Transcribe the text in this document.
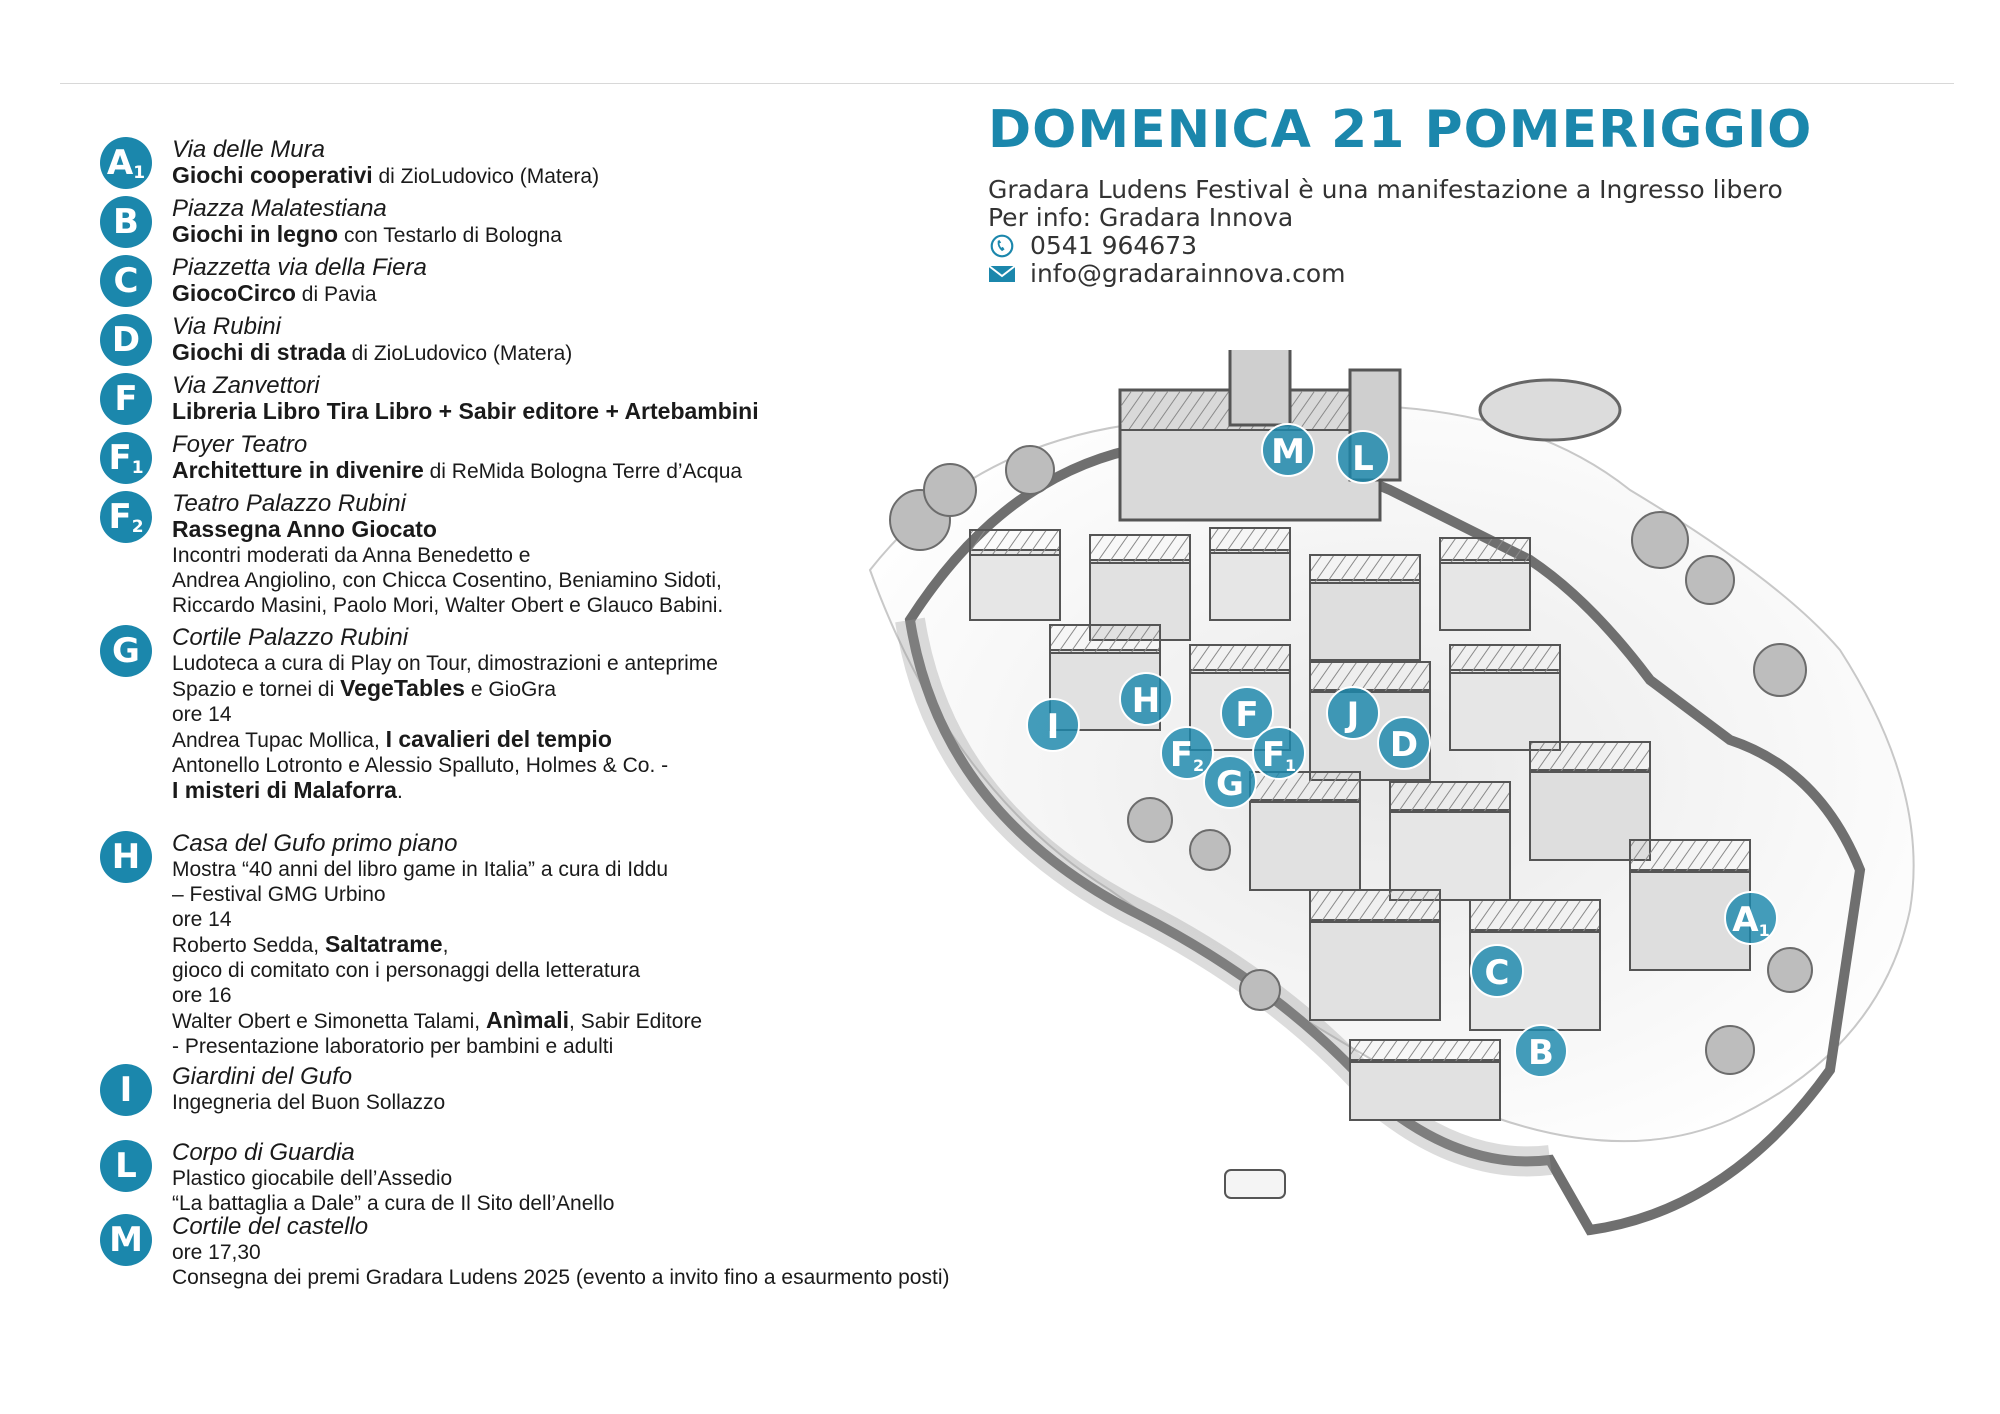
$A_1$
Via delle Mura
Giochi cooperativi di ZioLudovico (Matera)
B	Piazza Malatestiana
Giochi in legno con Testarlo di Bologna
C	Piazzetta via della Fiera
GiocoCirco di Pavia
D	Via Rubini
Giochi di strada di ZioLudovico (Matera)
F	Via Zanvettori
Libreria Libro Tira Libro + Sabir editore + Artebambini
$F_1$
Foyer Teatro
Architetture in divenire di ReMida Bologna Terre d’Acqua
$F_2$
Teatro Palazzo Rubini
Rassegna Anno Giocato
Incontri moderati da Anna Benedetto e
Andrea Angiolino, con Chicca Cosentino, Beniamino Sidoti,
Riccardo Masini, Paolo Mori, Walter Obert e Glauco Babini.
G	Cortile Palazzo Rubini
Ludoteca a cura di Play on Tour, dimostrazioni e anteprime
Spazio e tornei di VegeTables e GioGra
ore 14
Andrea Tupac Mollica, I cavalieri del tempio
Antonello Lotronto e Alessio Spalluto, Holmes & Co. -
I misteri di Malaforra.
H	Casa del Gufo primo piano
Mostra “40 anni del libro game in Italia” a cura di Iddu
– Festival GMG Urbino
ore 14
Roberto Sedda, Saltatrame,
gioco di comitato con i personaggi della letteratura
ore 16
Walter Obert e Simonetta Talami, Anìmali, Sabir Editore
- Presentazione laboratorio per bambini e adulti
I	Giardini del Gufo
Ingegneria del Buon Sollazzo
L	Corpo di Guardia
Plastico giocabile dell’Assedio
“La battaglia a Dale” a cura de Il Sito dell’Anello
M	Cortile del castello
ore 17,30
Consegna dei premi Gradara Ludens 2025 (evento a invito fino a esaurmento posti)
DOMENICA 21 POMERIGGIO
Gradara Ludens Festival è una manifestazione a Ingresso libero
Per info: Gradara Innova
0541 964673
info@gradarainnova.com
M	L
H
I	F	J
$F_2$ $F_1$
G
D
$A_1$
C
B
